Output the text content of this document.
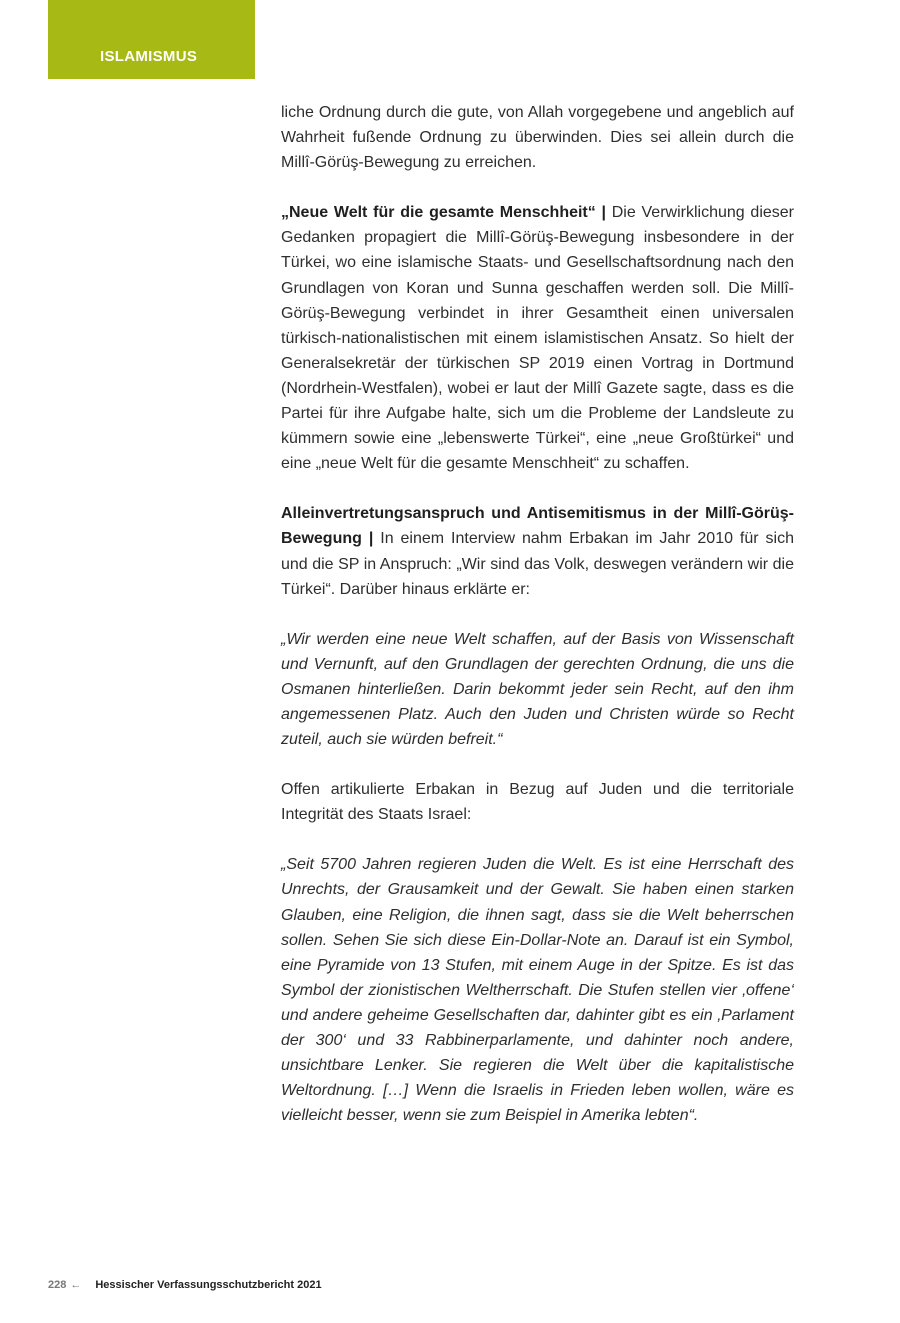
ISLAMISMUS

liche Ordnung durch die gute, von Allah vorgegebene und angeblich auf Wahrheit fußende Ordnung zu überwinden. Dies sei allein durch die Millî-Görüş-Bewegung zu erreichen.

„Neue Welt für die gesamte Menschheit“ | Die Verwirklichung dieser Gedanken propagiert die Millî-Görüş-Bewegung insbesondere in der Türkei, wo eine islamische Staats- und Gesellschaftsordnung nach den Grundlagen von Koran und Sunna geschaffen werden soll. Die Millî-Görüş-Bewegung verbindet in ihrer Gesamtheit einen universalen türkisch-nationalistischen mit einem islamistischen Ansatz. So hielt der Generalsekretär der türkischen SP 2019 einen Vortrag in Dortmund (Nordrhein-Westfalen), wobei er laut der Millî Gazete sagte, dass es die Partei für ihre Aufgabe halte, sich um die Probleme der Landsleute zu kümmern sowie eine „lebenswerte Türkei“, eine „neue Großtürkei“ und eine „neue Welt für die gesamte Menschheit“ zu schaffen.

Alleinvertretungsanspruch und Antisemitismus in der Millî-Görüş-Bewegung | In einem Interview nahm Erbakan im Jahr 2010 für sich und die SP in Anspruch: „Wir sind das Volk, deswegen verändern wir die Türkei“. Darüber hinaus erklärte er:

„Wir werden eine neue Welt schaffen, auf der Basis von Wissenschaft und Vernunft, auf den Grundlagen der gerechten Ordnung, die uns die Osmanen hinterließen. Darin bekommt jeder sein Recht, auf den ihm angemessenen Platz. Auch den Juden und Christen würde so Recht zuteil, auch sie würden befreit.“

Offen artikulierte Erbakan in Bezug auf Juden und die territoriale Integrität des Staats Israel:

„Seit 5700 Jahren regieren Juden die Welt. Es ist eine Herrschaft des Unrechts, der Grausamkeit und der Gewalt. Sie haben einen starken Glauben, eine Religion, die ihnen sagt, dass sie die Welt beherrschen sollen. Sehen Sie sich diese Ein-Dollar-Note an. Darauf ist ein Symbol, eine Pyramide von 13 Stufen, mit einem Auge in der Spitze. Es ist das Symbol der zionistischen Weltherrschaft. Die Stufen stellen vier ‚offene‘ und andere geheime Gesellschaften dar, dahinter gibt es ein ‚Parlament der 300‘ und 33 Rabbinerparlamente, und dahinter noch andere, unsichtbare Lenker. Sie regieren die Welt über die kapitalistische Weltordnung. […] Wenn die Israelis in Frieden leben wollen, wäre es vielleicht besser, wenn sie zum Beispiel in Amerika lebten“.

228 ← Hessischer Verfassungsschutzbericht 2021
